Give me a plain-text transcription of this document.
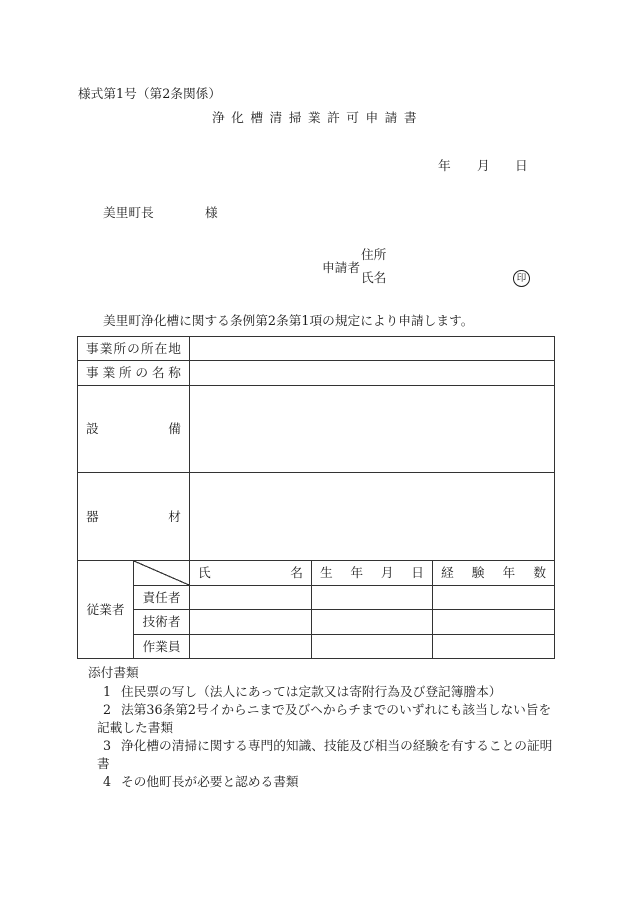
様式第1号（第2条関係）
浄化槽清掃業許可申請書
年 月 日
美里町長	様
申請者
住所
氏名	印
美里町浄化槽に関する条例第2条第1項の規定により申請します。
事業所の所在地				

事業所の名称				

設備				

器材				

従業者		氏名	生年月日	経験年数

	責任者			

	技術者			

	作業員			

添付書類
1 住民票の写し（法人にあっては定款又は寄附行為及び登記簿謄本）
2 法第36条第2号イからニまで及びヘからチまでのいずれにも該当しない旨を
記載した書類
3 浄化槽の清掃に関する専門的知識、技能及び相当の経験を有することの証明
書
4 その他町長が必要と認める書類
